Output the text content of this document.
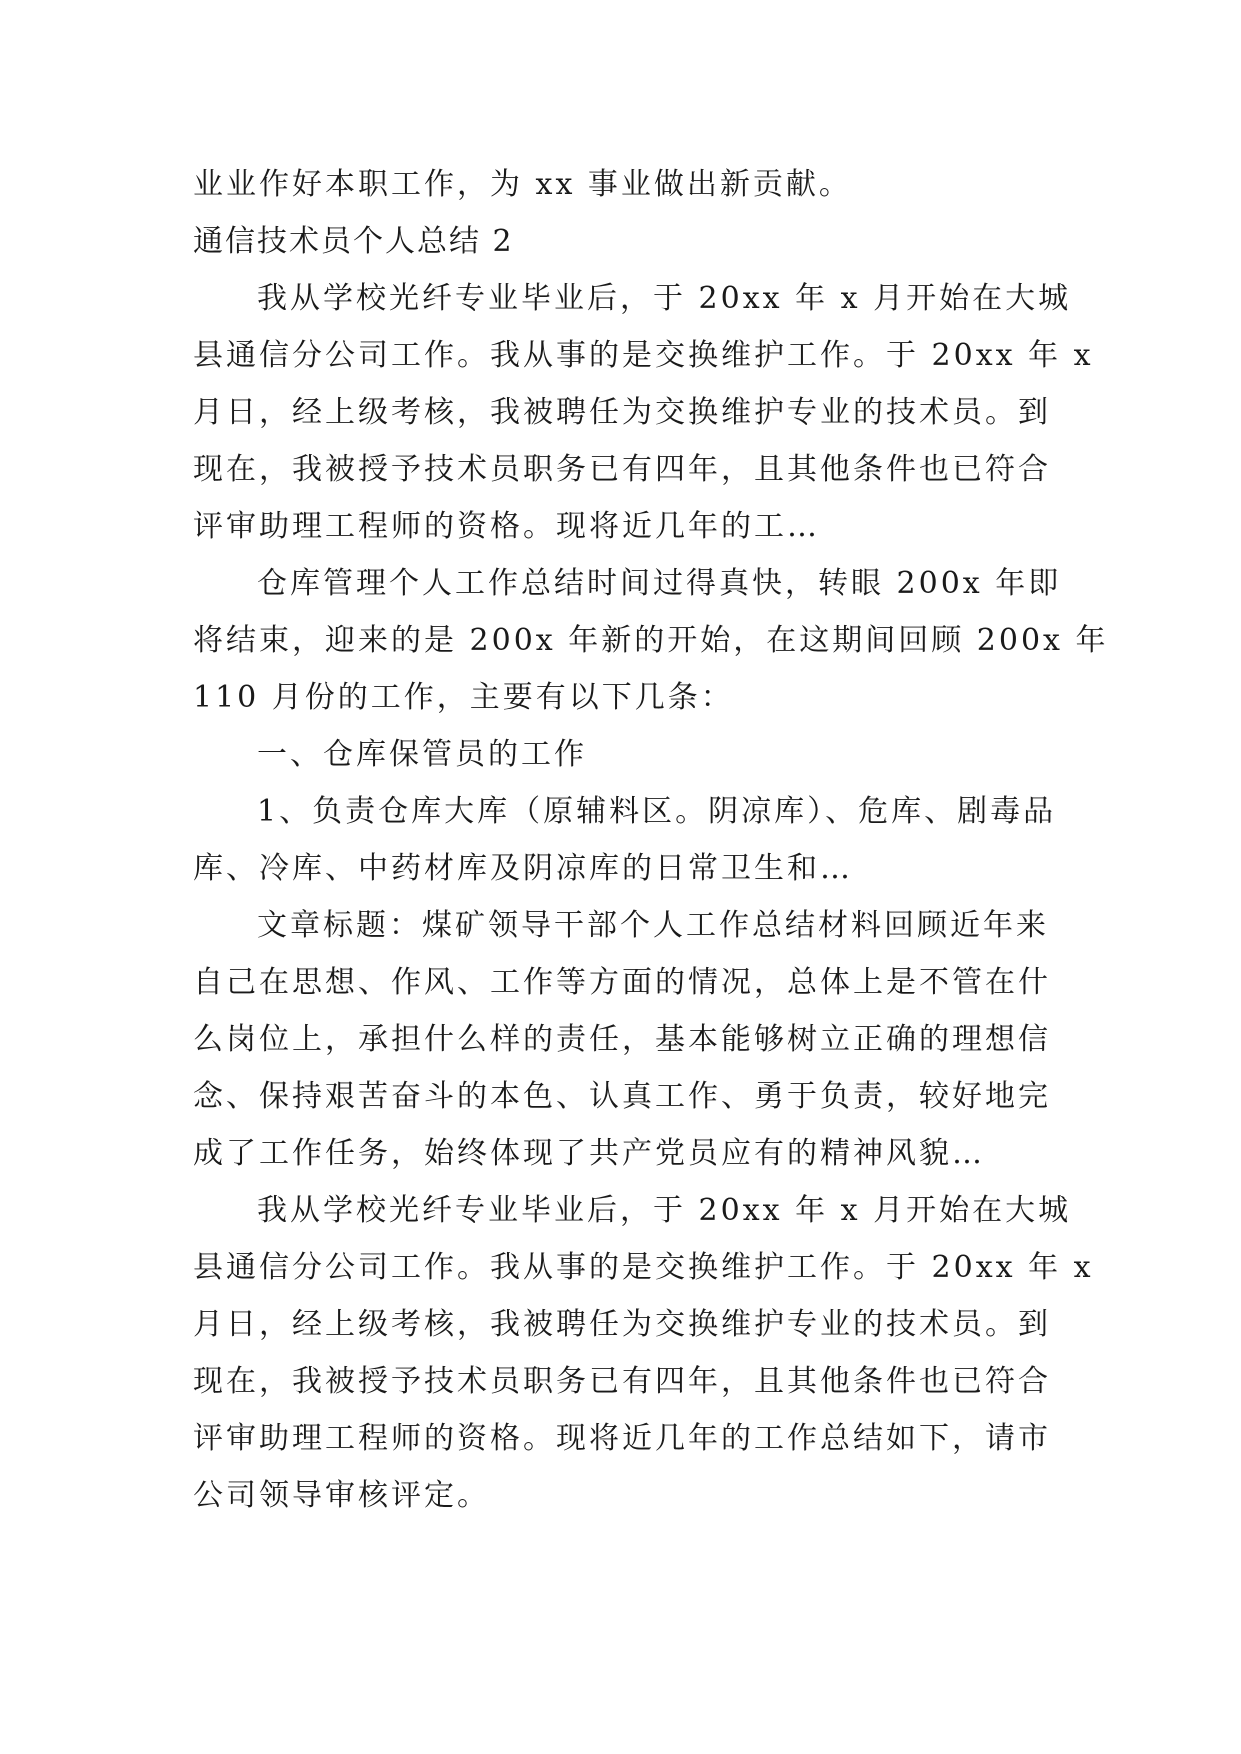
业业作好本职工作，为 xx 事业做出新贡献。
通信技术员个人总结 2
我从学校光纤专业毕业后，于 20xx 年 x 月开始在大城
县通信分公司工作。我从事的是交换维护工作。于 20xx 年 x
月日，经上级考核，我被聘任为交换维护专业的技术员。到
现在，我被授予技术员职务已有四年，且其他条件也已符合
评审助理工程师的资格。现将近几年的工…
仓库管理个人工作总结时间过得真快，转眼 200x 年即
将结束，迎来的是 200x 年新的开始，在这期间回顾 200x 年
110 月份的工作，主要有以下几条：
一、仓库保管员的工作
1、负责仓库大库（原辅料区。阴凉库）、危库、剧毒品
库、冷库、中药材库及阴凉库的日常卫生和…
文章标题：煤矿领导干部个人工作总结材料回顾近年来
自己在思想、作风、工作等方面的情况，总体上是不管在什
么岗位上，承担什么样的责任，基本能够树立正确的理想信
念、保持艰苦奋斗的本色、认真工作、勇于负责，较好地完
成了工作任务，始终体现了共产党员应有的精神风貌…
我从学校光纤专业毕业后，于 20xx 年 x 月开始在大城
县通信分公司工作。我从事的是交换维护工作。于 20xx 年 x
月日，经上级考核，我被聘任为交换维护专业的技术员。到
现在，我被授予技术员职务已有四年，且其他条件也已符合
评审助理工程师的资格。现将近几年的工作总结如下，请市
公司领导审核评定。
